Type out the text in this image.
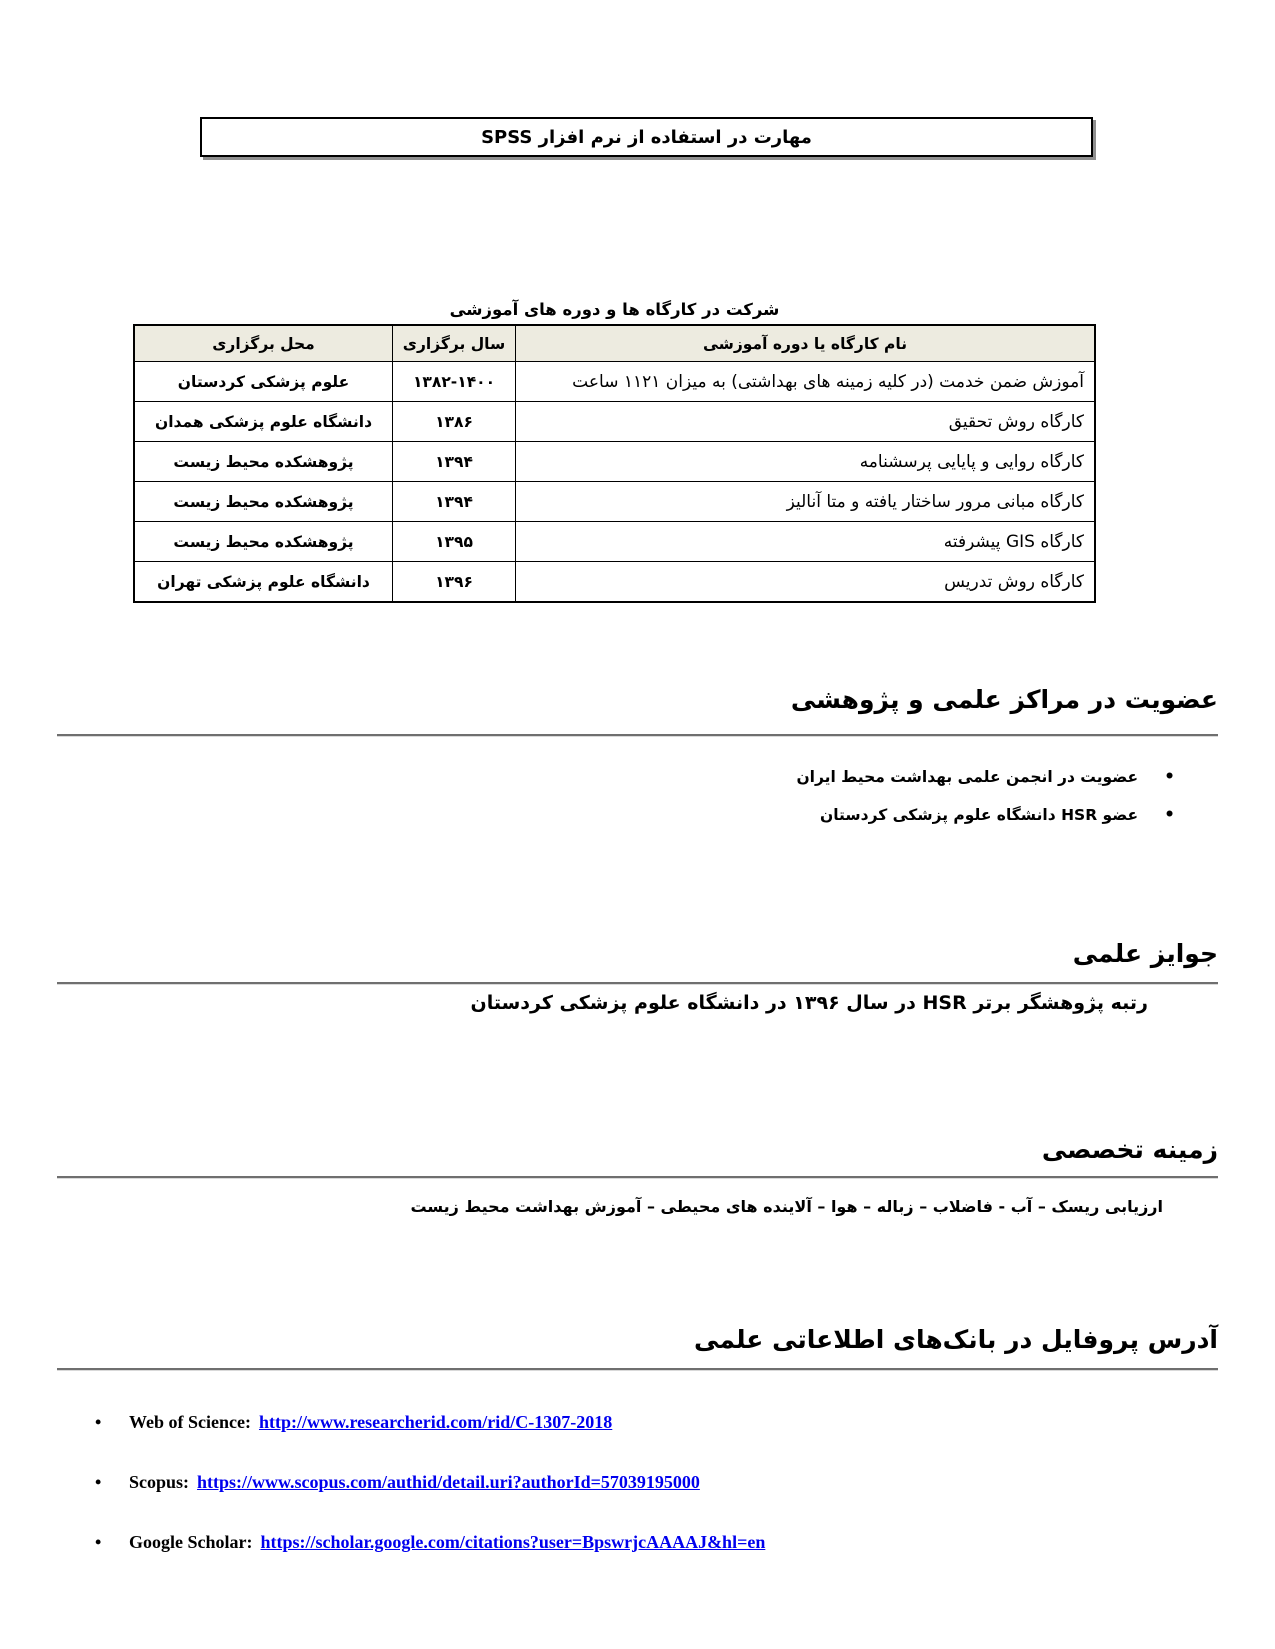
مهارت در استفاده از نرم افزار SPSS
شرکت در کارگاه ها و دوره های آموزشی
نام کارگاه یا دوره آموزشی	سال برگزاری	محل برگزاری
آموزش ضمن خدمت (در کلیه زمینه های بهداشتی) به میزان ۱۱۲۱ ساعت	۱۳۸۲-۱۴۰۰	علوم پزشکی کردستان
کارگاه روش تحقیق	۱۳۸۶	دانشگاه علوم پزشکی همدان
کارگاه روایی و پایایی پرسشنامه	۱۳۹۴	پژوهشکده محیط زیست
کارگاه مبانی مرور ساختار یافته و متا آنالیز	۱۳۹۴	پژوهشکده محیط زیست
کارگاه GIS پیشرفته	۱۳۹۵	پژوهشکده محیط زیست
کارگاه روش تدریس	۱۳۹۶	دانشگاه علوم پزشکی تهران
عضویت در مراکز علمی و پژوهشی
•عضویت در انجمن علمی بهداشت محیط ایران
•عضو HSR دانشگاه علوم پزشکی کردستان
جوایز علمی
رتبه پژوهشگر برتر HSR در سال ۱۳۹۶ در دانشگاه علوم پزشکی کردستان
زمینه تخصصی
ارزیابی ریسک – آب - فاضلاب – زباله – هوا – آلاینده های محیطی – آموزش بهداشت محیط زیست
آدرس پروفایل در بانک‌های اطلاعاتی علمی
•	Web of Science: http://www.researcherid.com/rid/C-1307-2018
•	Scopus: https://www.scopus.com/authid/detail.uri?authorId=57039195000
•	Google Scholar: https://scholar.google.com/citations?user=BpswrjcAAAAJ&hl=en
